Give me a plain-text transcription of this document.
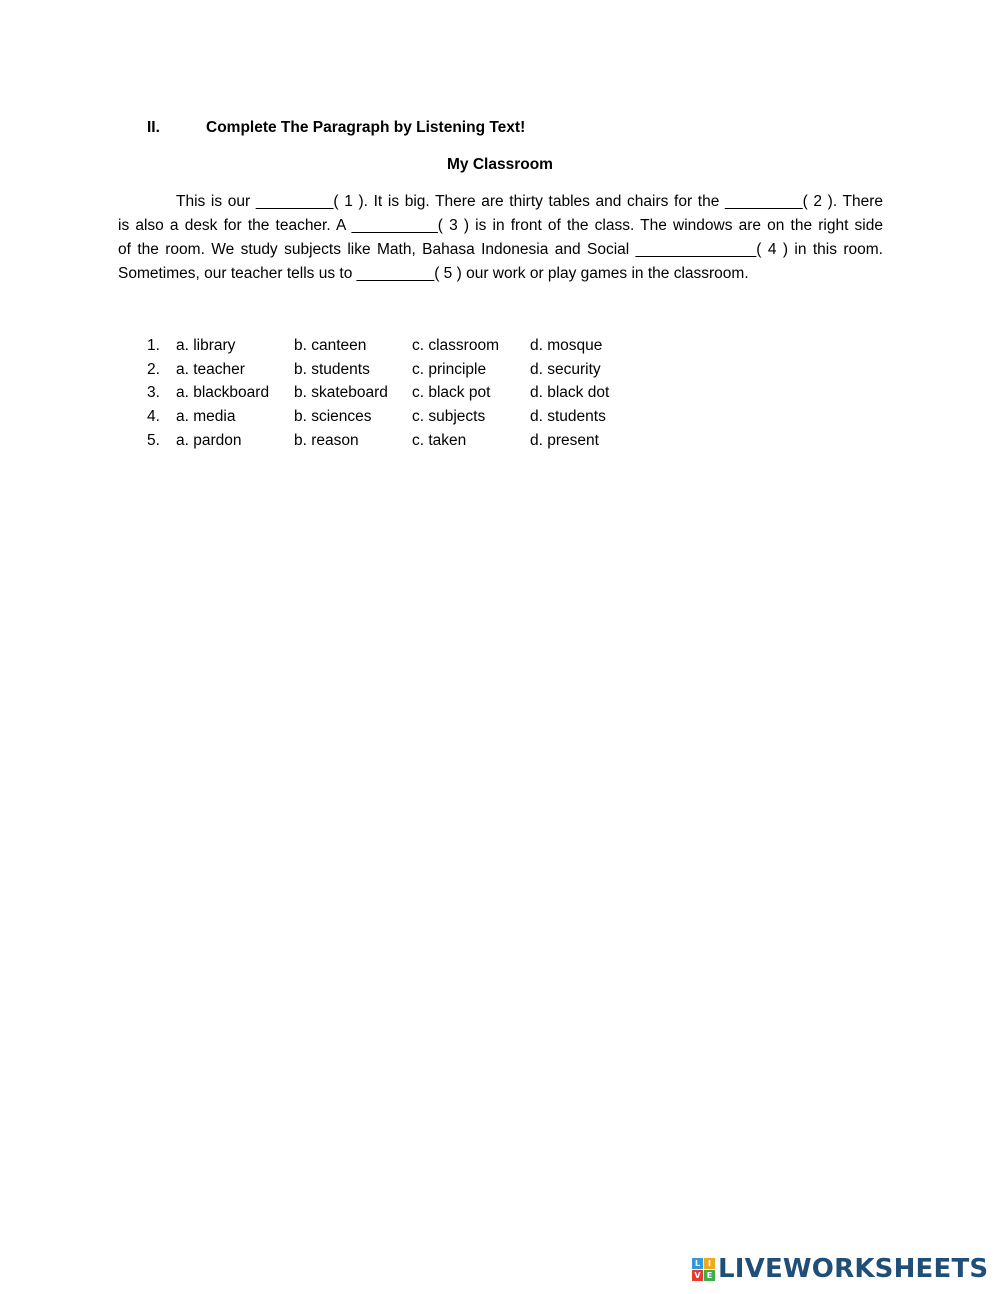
II.	Complete The Paragraph by Listening Text!
My Classroom
This is our _________( 1 ). It is big. There are thirty tables and chairs for the _________( 2 ). There
is also a desk for the teacher. A __________( 3 ) is in front of the class. The windows are on the right side
of the room. We study subjects like Math, Bahasa Indonesia and Social ______________( 4 ) in this room.
Sometimes, our teacher tells us to _________( 5 ) our work or play games in the classroom.
1. a. library	b. canteen	c. classroom d. mosque
2. a. teacher	b. students	c. principle	d. security
3. a. blackboard b. skateboard c. black pot	d. black dot
4. a. media	b. sciences	c. subjects	d. students
5. a. pardon	b. reason	c. taken	d. present
L I
V E LIVEWORKSHEETS
